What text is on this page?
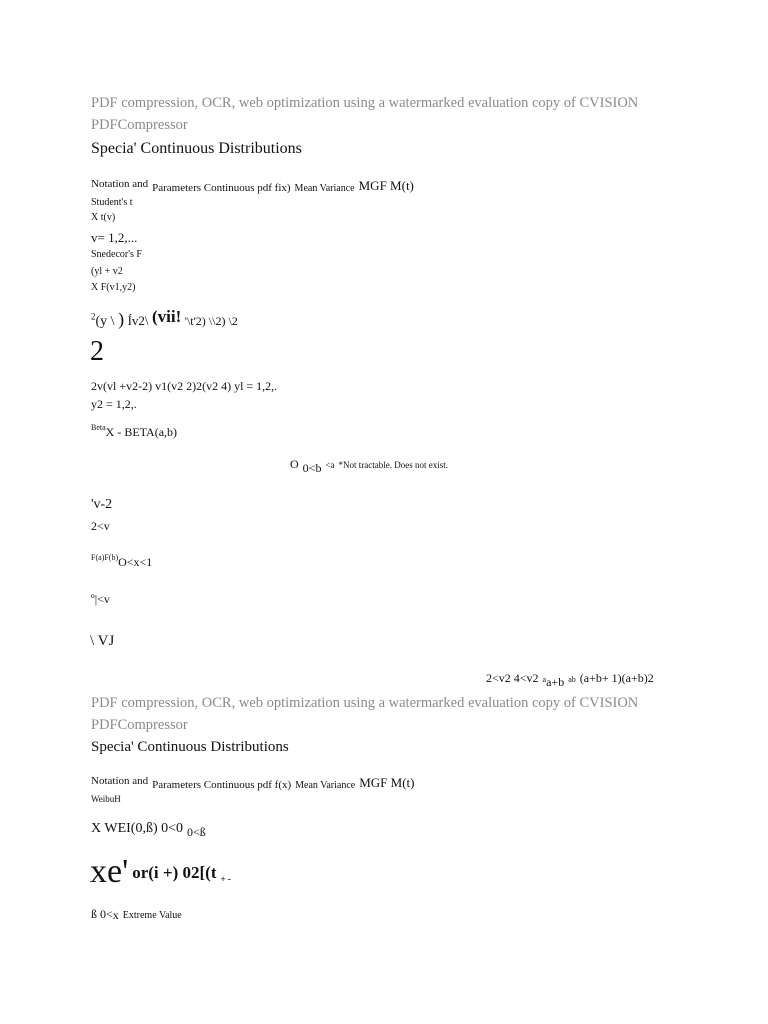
PDF compression, OCR, web optimization using a watermarked evaluation copy of CVISION
PDFCompressor
Specia' Continuous Distributions
Notation and $_{Parameters Continuous pdf fix)}$ $_{Mean Variance}$ MGF M(t)
Student's t
X t(v)
v= 1,2,...
Snedecor's F
(yl + v2
X F(v1,y2)
$^2$(y \ ) Ív2\ (vii! '\t'2) \\2) \2
2
2v(vl +v2-2) v1(v2 2)2(v2 4) yl = 1,2,.
y2 = 1,2,.
$^{Beta}$X - BETA(a,b)
O $_{0<b}$ <a *Not tractable. Does not exist.
'v-2
2<v
$^{F(a)F(b)}$O<x<1
º|<v
\ VJ
2<v2 4<v2 $a_{a+b}$ ab (a+b+ 1)(a+b)2
PDF compression, OCR, web optimization using a watermarked evaluation copy of CVISION
PDFCompressor
Specia' Continuous Distributions
Notation and $_{Parameters Continuous pdf f(x)}$ $_{Mean Variance}$ MGF M(t)
WeibuH
X WEI(0,ß) 0<0 $_{0<ß}$
xe' or(i +) 02[(t + -
ß 0<x Extreme Value
